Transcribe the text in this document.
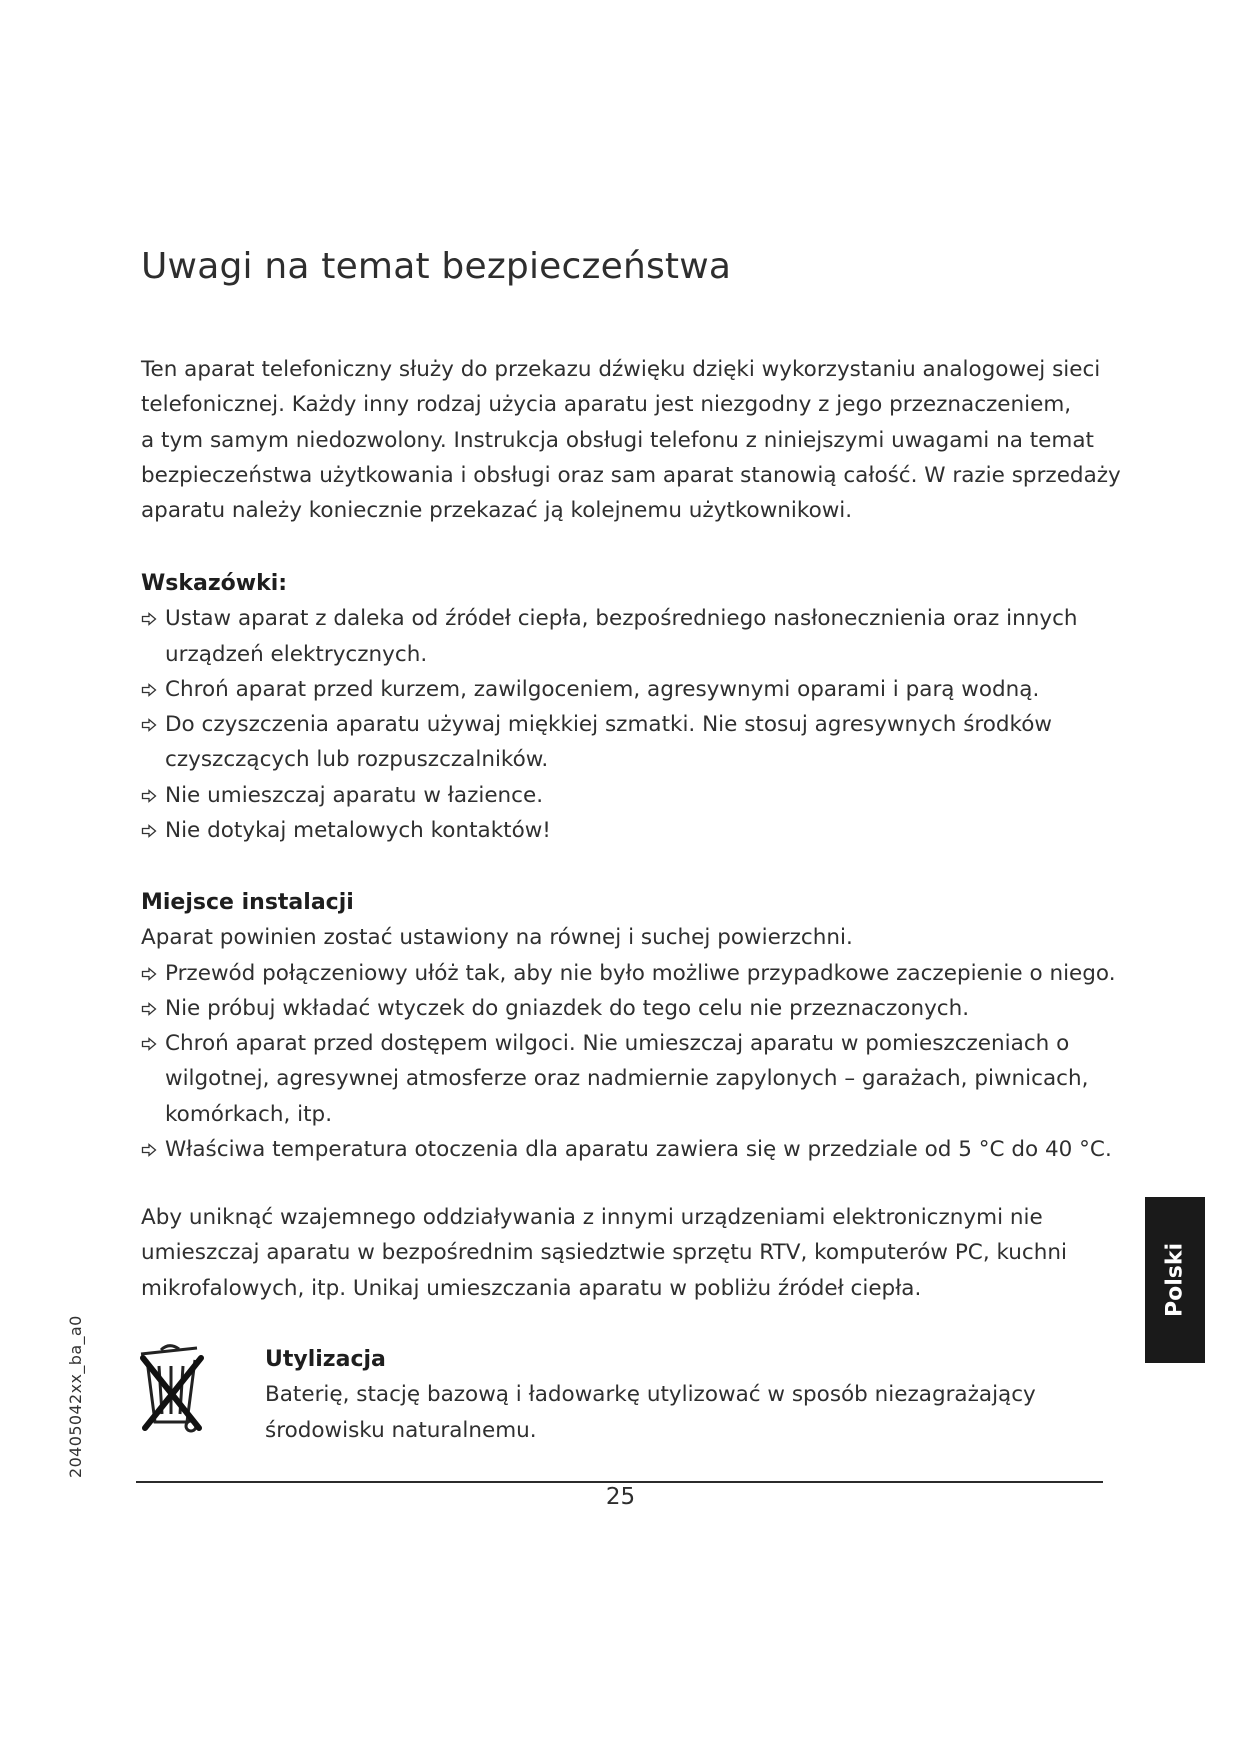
Uwagi na temat bezpieczeństwa

Ten aparat telefoniczny służy do przekazu dźwięku dzięki wykorzystaniu analogowej sieci

telefonicznej. Każdy inny rodzaj użycia aparatu jest niezgodny z jego przeznaczeniem,

a tym samym niedozwolony. Instrukcja obsługi telefonu z niniejszymi uwagami na temat

bezpieczeństwa użytkowania i obsługi oraz sam aparat stanowią całość. W razie sprzedaży

aparatu należy koniecznie przekazać ją kolejnemu użytkownikowi.

Wskazówki:

Ustaw aparat z daleka od źródeł ciepła, bezpośredniego nasłonecznienia oraz innych

urządzeń elektrycznych.

Chroń aparat przed kurzem, zawilgoceniem, agresywnymi oparami i parą wodną.

Do czyszczenia aparatu używaj miękkiej szmatki. Nie stosuj agresywnych środków

czyszczących lub rozpuszczalników.

Nie umieszczaj aparatu w łazience.

Nie dotykaj metalowych kontaktów!

Miejsce instalacji

Aparat powinien zostać ustawiony na równej i suchej powierzchni.

Przewód połączeniowy ułóż tak, aby nie było możliwe przypadkowe zaczepienie o niego.

Nie próbuj wkładać wtyczek do gniazdek do tego celu nie przeznaczonych.

Chroń aparat przed dostępem wilgoci. Nie umieszczaj aparatu w pomieszczeniach o

wilgotnej, agresywnej atmosferze oraz nadmiernie zapylonych – garażach, piwnicach,

komórkach, itp.

Właściwa temperatura otoczenia dla aparatu zawiera się w przedziale od 5 °C do 40 °C.

Aby uniknąć wzajemnego oddziaływania z innymi urządzeniami elektronicznymi nie

umieszczaj aparatu w bezpośrednim sąsiedztwie sprzętu RTV, komputerów PC, kuchni

mikrofalowych, itp. Unikaj umieszczania aparatu w pobliżu źródeł ciepła.

Utylizacja

Baterię, stację bazową i ładowarkę utylizować w sposób niezagrażający

środowisku naturalnemu.

20405042xx_ba_a0
Polski
25
